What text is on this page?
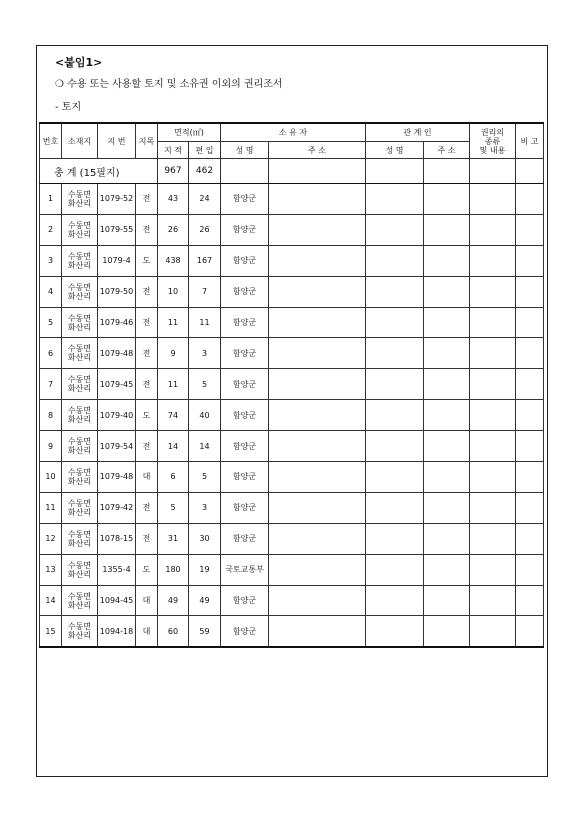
<붙임1>
❍ 수용 또는 사용할 토지 및 소유권 이외의 권리조서
- 토지
번호	소재지	지 번	지목	면적(㎡)		소 유 자		관 계 인		권리의
종류
및 내용	비 고
				지 적	편 입	성 명	주 소	성 명	주 소		
총 계 (15필지)				967	462						
1	수동면
화산리	1079-52	전	43	24	함양군					
2	수동면
화산리	1079-55	전	26	26	함양군					
3	수동면
화산리	1079-4	도	438	167	함양군					
4	수동면
화산리	1079-50	전	10	7	함양군					
5	수동면
화산리	1079-46	전	11	11	함양군					
6	수동면
화산리	1079-48	전	9	3	함양군					
7	수동면
화산리	1079-45	전	11	5	함양군					
8	수동면
화산리	1079-40	도	74	40	함양군					
9	수동면
화산리	1079-54	전	14	14	함양군					
10	수동면
화산리	1079-48	대	6	5	함양군					
11	수동면
화산리	1079-42	전	5	3	함양군					
12	수동면
화산리	1078-15	전	31	30	함양군					
13	수동면
화산리	1355-4	도	180	19	국토교통부					
14	수동면
화산리	1094-45	대	49	49	함양군					
15	수동면
화산리	1094-18	대	60	59	함양군					
